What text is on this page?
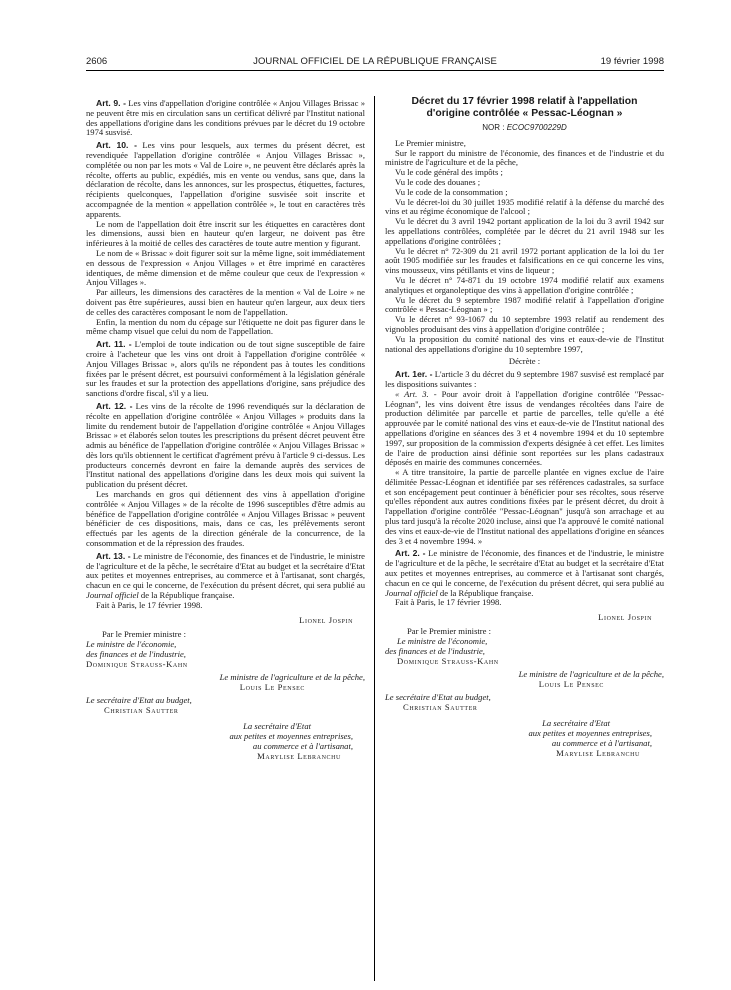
2606	JOURNAL OFFICIEL DE LA RÉPUBLIQUE FRANÇAISE	19 février 1998

Art. 9. - Les vins d'appellation d'origine contrôlée « Anjou Villages Brissac » ne peuvent être mis en circulation sans un certificat délivré par l'Institut national des appellations d'origine dans les conditions prévues par le décret du 19 octobre 1974 susvisé.

Art. 10. - Les vins pour lesquels, aux termes du présent décret, est revendiquée l'appellation d'origine contrôlée « Anjou Villages Brissac », complétée ou non par les mots « Val de Loire », ne peuvent être déclarés après la récolte, offerts au public, expédiés, mis en vente ou vendus, sans que, dans la déclaration de récolte, dans les annonces, sur les prospectus, étiquettes, factures, récipients quelconques, l'appellation d'origine susvisée soit inscrite et accompagnée de la mention « appellation contrôlée », le tout en caractères très apparents.

Le nom de l'appellation doit être inscrit sur les étiquettes en caractères dont les dimensions, aussi bien en hauteur qu'en largeur, ne doivent pas être inférieures à la moitié de celles des caractères de toute autre mention y figurant.

Le nom de « Brissac » doit figurer soit sur la même ligne, soit immédiatement en dessous de l'expression « Anjou Villages » et être imprimé en caractères identiques, de même dimension et de même couleur que ceux de l'expression « Anjou Villages ».

Par ailleurs, les dimensions des caractères de la mention « Val de Loire » ne doivent pas être supérieures, aussi bien en hauteur qu'en largeur, aux deux tiers de celles des caractères composant le nom de l'appellation.

Enfin, la mention du nom du cépage sur l'étiquette ne doit pas figurer dans le même champ visuel que celui du nom de l'appellation.

Art. 11. - L'emploi de toute indication ou de tout signe susceptible de faire croire à l'acheteur que les vins ont droit à l'appellation d'origine contrôlée « Anjou Villages Brissac », alors qu'ils ne répondent pas à toutes les conditions fixées par le présent décret, est poursuivi conformément à la législation générale sur les fraudes et sur la protection des appellations d'origine, sans préjudice des sanctions d'ordre fiscal, s'il y a lieu.

Art. 12. - Les vins de la récolte de 1996 revendiqués sur la déclaration de récolte en appellation d'origine contrôlée « Anjou Villages » produits dans la limite du rendement butoir de l'appellation d'origine contrôlée « Anjou Villages Brissac » et élaborés selon toutes les prescriptions du présent décret peuvent être admis au bénéfice de l'appellation d'origine contrôlée « Anjou Villages Brissac » dès lors qu'ils obtiennent le certificat d'agrément prévu à l'article 9 ci-dessus. Les producteurs concernés devront en faire la demande auprès des services de l'Institut national des appellations d'origine dans les deux mois qui suivent la publication du présent décret.

Les marchands en gros qui détiennent des vins à appellation d'origine contrôlée « Anjou Villages » de la récolte de 1996 susceptibles d'être admis au bénéfice de l'appellation d'origine contrôlée « Anjou Villages Brissac » peuvent bénéficier de ces dispositions, mais, dans ce cas, les prélèvements seront effectués par les agents de la direction générale de la concurrence, de la consommation et de la répression des fraudes.

Art. 13. - Le ministre de l'économie, des finances et de l'industrie, le ministre de l'agriculture et de la pêche, le secrétaire d'Etat au budget et la secrétaire d'Etat aux petites et moyennes entreprises, au commerce et à l'artisanat, sont chargés, chacun en ce qui le concerne, de l'exécution du présent décret, qui sera publié au Journal officiel de la République française.

Fait à Paris, le 17 février 1998.

Lionel Jospin
Par le Premier ministre :
Le ministre de l'économie,
des finances et de l'industrie,
Dominique Strauss-Kahn
Le ministre de l'agriculture et de la pêche,
Louis Le Pensec
Le secrétaire d'Etat au budget,
Christian Sautter
La secrétaire d'Etat
aux petites et moyennes entreprises,
au commerce et à l'artisanat,
Marylise Lebranchu

Décret du 17 février 1998 relatif à l'appellation

d'origine contrôlée « Pessac-Léognan »

NOR : ECOC9700229D

Le Premier ministre,

Sur le rapport du ministre de l'économie, des finances et de l'industrie et du ministre de l'agriculture et de la pêche,

Vu le code général des impôts ;

Vu le code des douanes ;

Vu le code de la consommation ;

Vu le décret-loi du 30 juillet 1935 modifié relatif à la défense du marché des vins et au régime économique de l'alcool ;

Vu le décret du 3 avril 1942 portant application de la loi du 3 avril 1942 sur les appellations contrôlées, complétée par le décret du 21 avril 1948 sur les appellations d'origine contrôlées ;

Vu le décret n° 72-309 du 21 avril 1972 portant application de la loi du 1er août 1905 modifiée sur les fraudes et falsifications en ce qui concerne les vins, vins mousseux, vins pétillants et vins de liqueur ;

Vu le décret n° 74-871 du 19 octobre 1974 modifié relatif aux examens analytiques et organoleptique des vins à appellation d'origine contrôlée ;

Vu le décret du 9 septembre 1987 modifié relatif à l'appellation d'origine contrôlée « Pessac-Léognan » ;

Vu le décret n° 93-1067 du 10 septembre 1993 relatif au rendement des vignobles produisant des vins à appellation d'origine contrôlée ;

Vu la proposition du comité national des vins et eaux-de-vie de l'Institut national des appellations d'origine du 10 septembre 1997,

Décrète :

Art. 1er. - L'article 3 du décret du 9 septembre 1987 susvisé est remplacé par les dispositions suivantes :

« Art. 3. - Pour avoir droit à l'appellation d'origine contrôlée "Pessac-Léognan", les vins doivent être issus de vendanges récoltées dans l'aire de production délimitée par parcelle et partie de parcelles, telle qu'elle a été approuvée par le comité national des vins et eaux-de-vie de l'Institut national des appellations d'origine en séances des 3 et 4 novembre 1994 et du 10 septembre 1997, sur proposition de la commission d'experts désignée à cet effet. Les limites de l'aire de production ainsi définie sont reportées sur les plans cadastraux déposés en mairie des communes concernées.

« A titre transitoire, la partie de parcelle plantée en vignes exclue de l'aire délimitée Pessac-Léognan et identifiée par ses références cadastrales, sa surface et son encépagement peut continuer à bénéficier pour ses récoltes, sous réserve qu'elles répondent aux autres conditions fixées par le présent décret, du droit à l'appellation d'origine contrôlée "Pessac-Léognan" jusqu'à son arrachage et au plus tard jusqu'à la récolte 2020 incluse, ainsi que l'a approuvé le comité national des vins et eaux-de-vie de l'Institut national des appellations d'origine en séances des 3 et 4 novembre 1994. »

Art. 2. - Le ministre de l'économie, des finances et de l'industrie, le ministre de l'agriculture et de la pêche, le secrétaire d'Etat au budget et la secrétaire d'Etat aux petites et moyennes entreprises, au commerce et à l'artisanat sont chargés, chacun en ce qui le concerne, de l'exécution du présent décret, qui sera publié au Journal officiel de la République française.

Fait à Paris, le 17 février 1998.

Lionel Jospin
Par le Premier ministre :
Le ministre de l'économie,
des finances et de l'industrie,
Dominique Strauss-Kahn
Le ministre de l'agriculture et de la pêche,
Louis Le Pensec
Le secrétaire d'Etat au budget,
Christian Sautter
La secrétaire d'Etat
aux petites et moyennes entreprises,
au commerce et à l'artisanat,
Marylise Lebranchu
